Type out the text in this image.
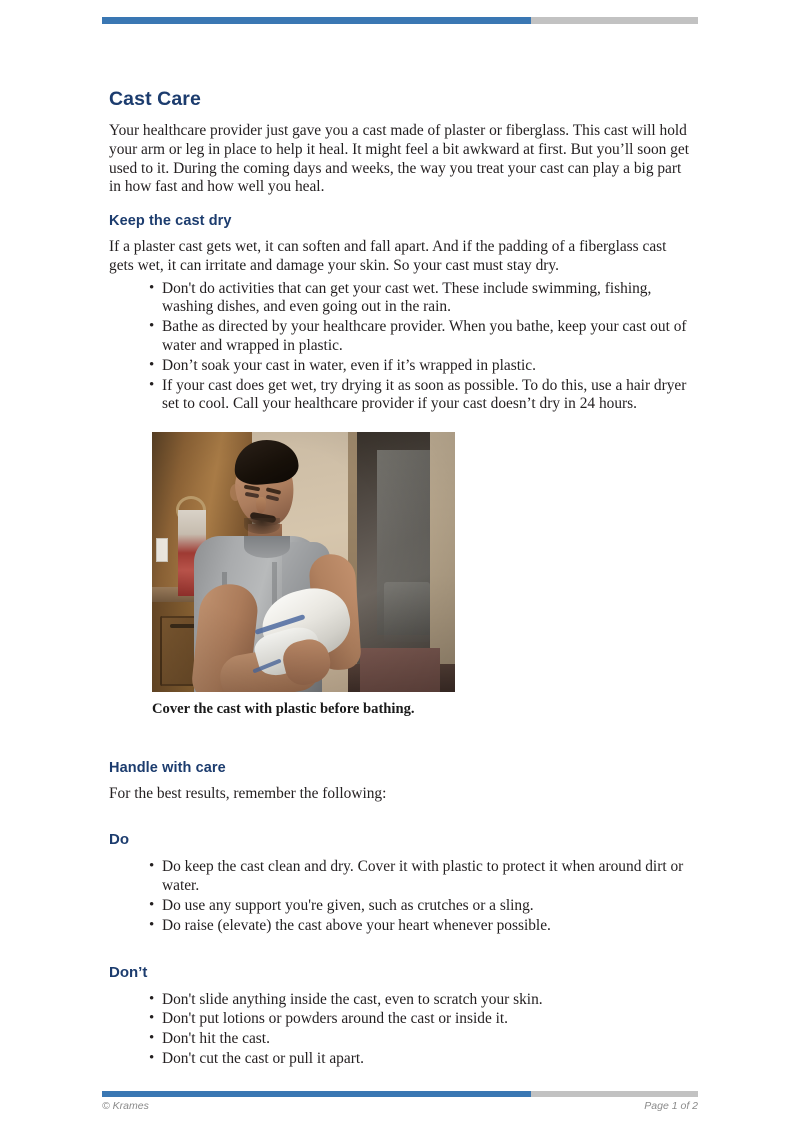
Cast Care

Your healthcare provider just gave you a cast made of plaster or fiberglass. This cast will hold your arm or leg in place to help it heal. It might feel a bit awkward at first. But you’ll soon get used to it. During the coming days and weeks, the way you treat your cast can play a big part in how fast and how well you heal.

Keep the cast dry

If a plaster cast gets wet, it can soften and fall apart. And if the padding of a fiberglass cast gets wet, it can irritate and damage your skin. So your cast must stay dry.

• Don't do activities that can get your cast wet. These include swimming, fishing, washing dishes, and even going out in the rain.
• Bathe as directed by your healthcare provider. When you bathe, keep your cast out of water and wrapped in plastic.
• Don’t soak your cast in water, even if it’s wrapped in plastic.
• If your cast does get wet, try drying it as soon as possible. To do this, use a hair dryer set to cool. Call your healthcare provider if your cast doesn’t dry in 24 hours.
Cover the cast with plastic before bathing.
Handle with care

For the best results, remember the following:

Do
• Do keep the cast clean and dry. Cover it with plastic to protect it when around dirt or water.
• Do use any support you're given, such as crutches or a sling.
• Do raise (elevate) the cast above your heart whenever possible.
Don’t
• Don't slide anything inside the cast, even to scratch your skin.
• Don't put lotions or powders around the cast or inside it.
• Don't hit the cast.
• Don't cut the cast or pull it apart.
© Krames	Page 1 of 2
